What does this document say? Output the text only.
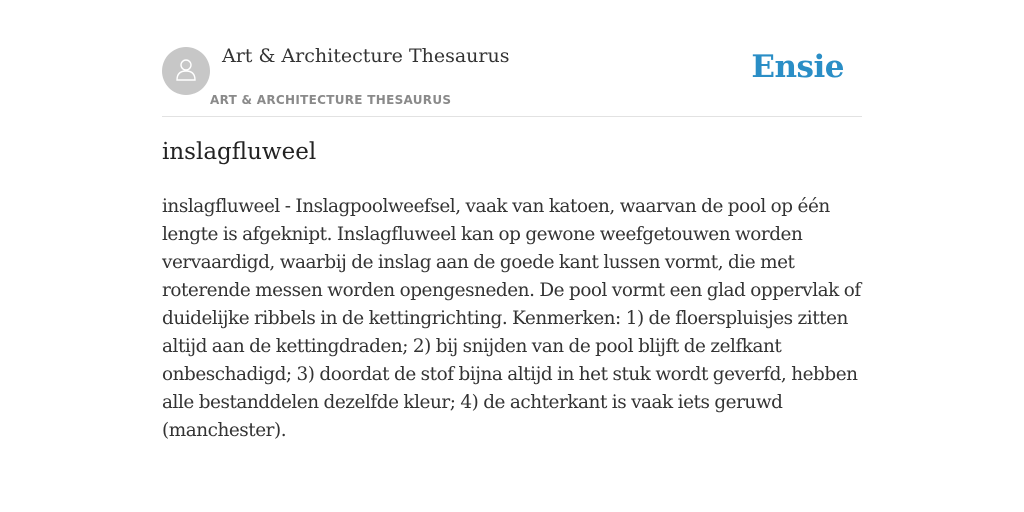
Art & Architecture Thesaurus
ART & ARCHITECTURE THESAURUS
Ensie
inslagfluweel

inslagfluweel - Inslagpoolweefsel, vaak van katoen, waarvan de pool op één lengte is afgeknipt. Inslagfluweel kan op gewone weefgetouwen worden vervaardigd, waarbij de inslag aan de goede kant lussen vormt, die met roterende messen worden opengesneden. De pool vormt een glad oppervlak of duidelijke ribbels in de kettingrichting. Kenmerken: 1) de floerspluisjes zitten altijd aan de kettingdraden; 2) bij snijden van de pool blijft de zelfkant onbeschadigd; 3) doordat de stof bijna altijd in het stuk wordt geverfd, hebben alle bestanddelen dezelfde kleur; 4) de achterkant is vaak iets geruwd (manchester).
